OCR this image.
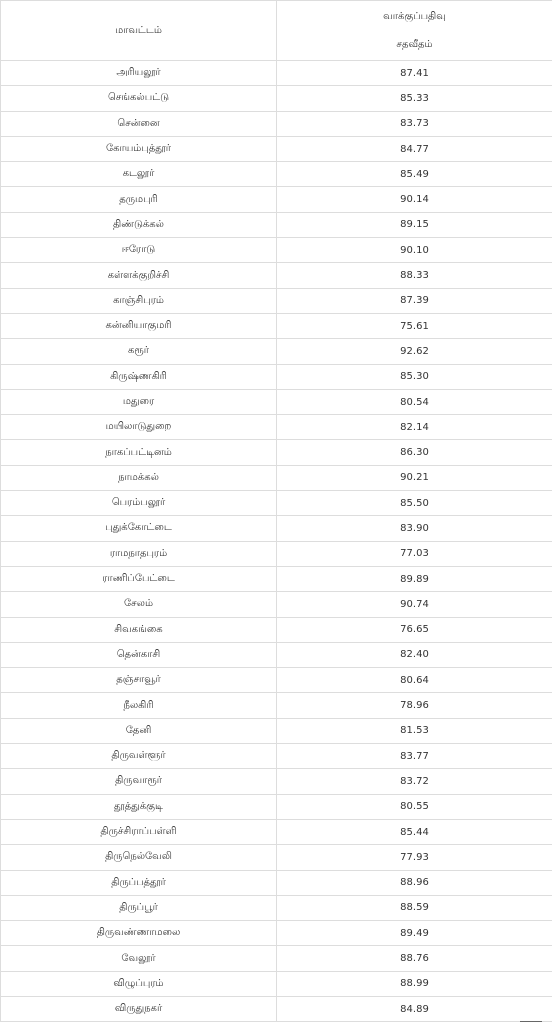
மாவட்டம்	வாக்குப்பதிவு
சதவீதம்

அரியலூர்	87.41
செங்கல்பட்டு	85.33
சென்னை	83.73
கோயம்புத்தூர்	84.77
கடலூர்	85.49
தருமபுரி	90.14
திண்டுக்கல்	89.15
ஈரோடு	90.10
கள்ளக்குறிச்சி	88.33
காஞ்சிபுரம்	87.39
கன்னியாகுமரி	75.61
கரூர்	92.62
கிருஷ்ணகிரி	85.30
மதுரை	80.54
மயிலாடுதுறை	82.14
நாகப்பட்டினம்	86.30
நாமக்கல்	90.21
பெரம்பலூர்	85.50
புதுக்கோட்டை	83.90
ராமநாதபுரம்	77.03
ராணிப்பேட்டை	89.89
சேலம்	90.74
சிவகங்கை	76.65
தென்காசி	82.40
தஞ்சாவூர்	80.64
நீலகிரி	78.96
தேனி	81.53
திருவள்ளூர்	83.77
திருவாரூர்	83.72
தூத்துக்குடி	80.55
திருச்சிராப்பள்ளி	85.44
திருநெல்வேலி	77.93
திருப்பத்தூர்	88.96
திருப்பூர்	88.59
திருவண்ணாமலை	89.49
வேலூர்	88.76
விழுப்புரம்	88.99
விருதுநகர்	84.89
